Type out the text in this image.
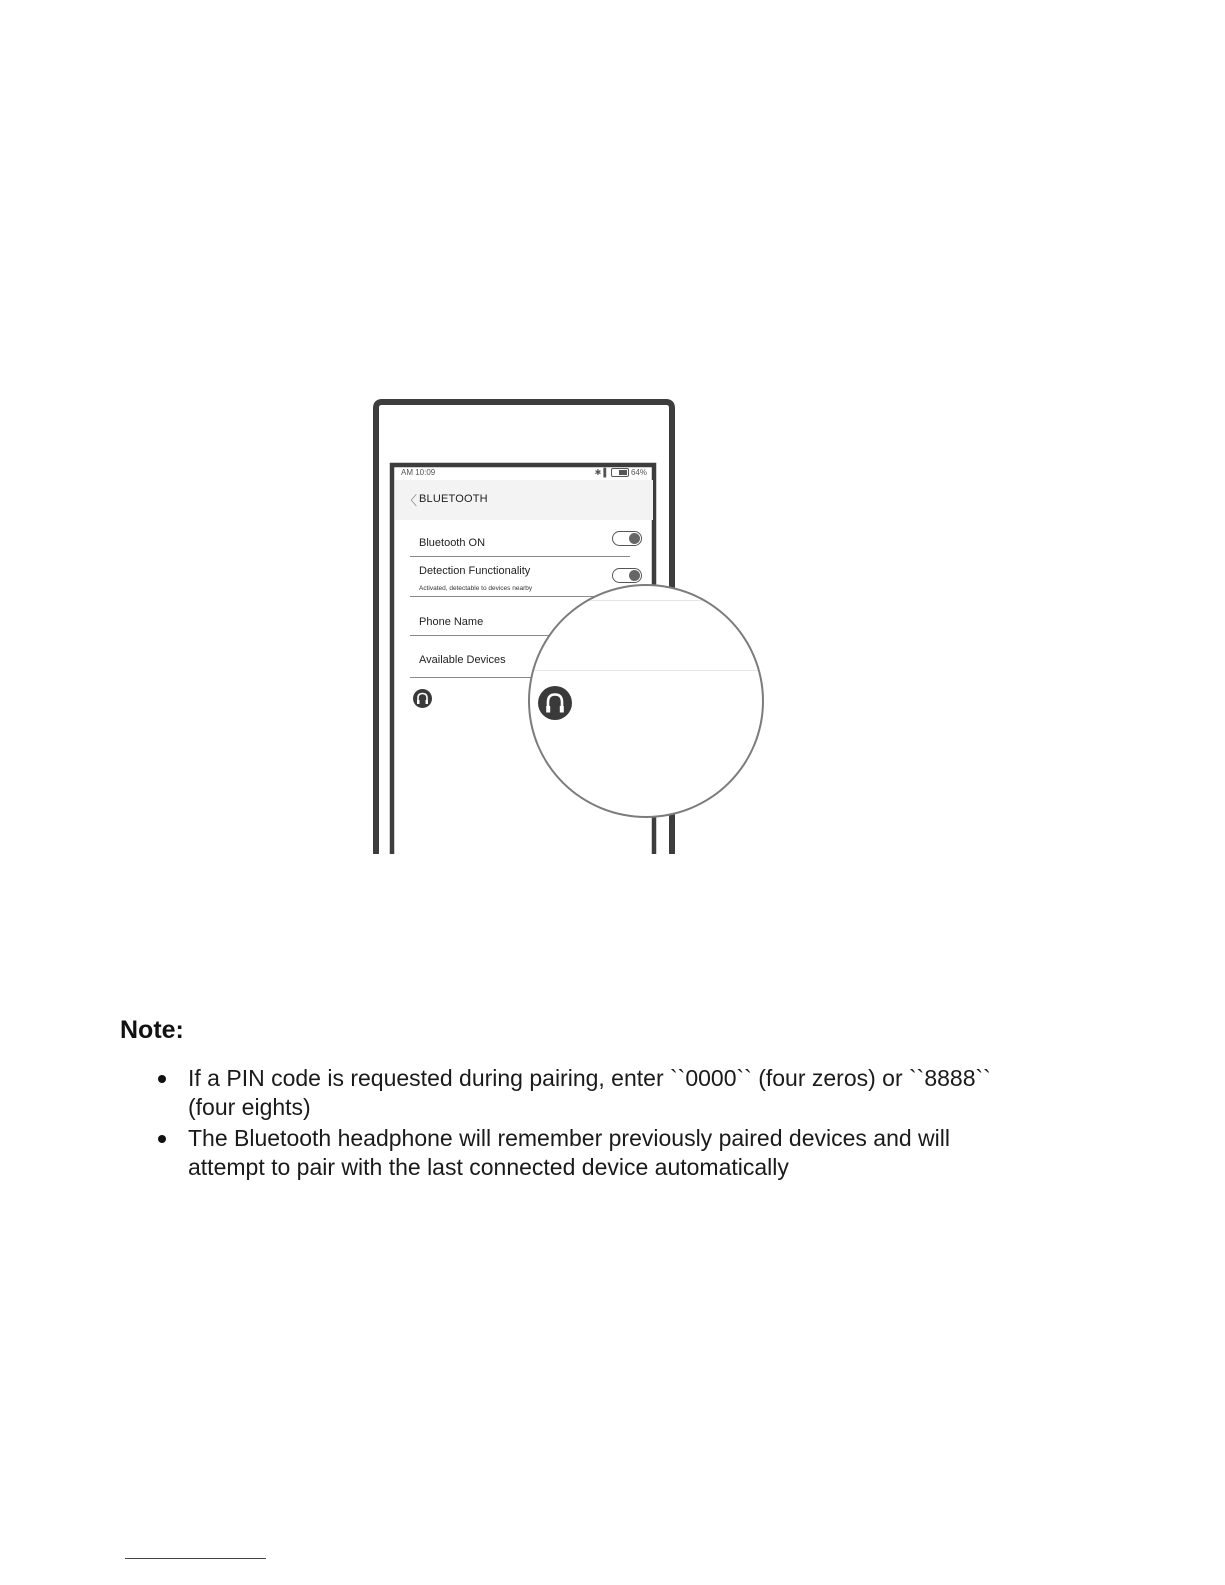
AM 10:09	✱ ▌	64%
〈 BLUETOOTH
Bluetooth ON
Detection Functionality
Activated, detectable to devices nearby
Phone Name
Available Devices
Note:
If a PIN code is requested during pairing, enter ``0000`` (four zeros) or ``8888``
(four eights)
The Bluetooth headphone will remember previously paired devices and will
attempt to pair with the last connected device automatically
